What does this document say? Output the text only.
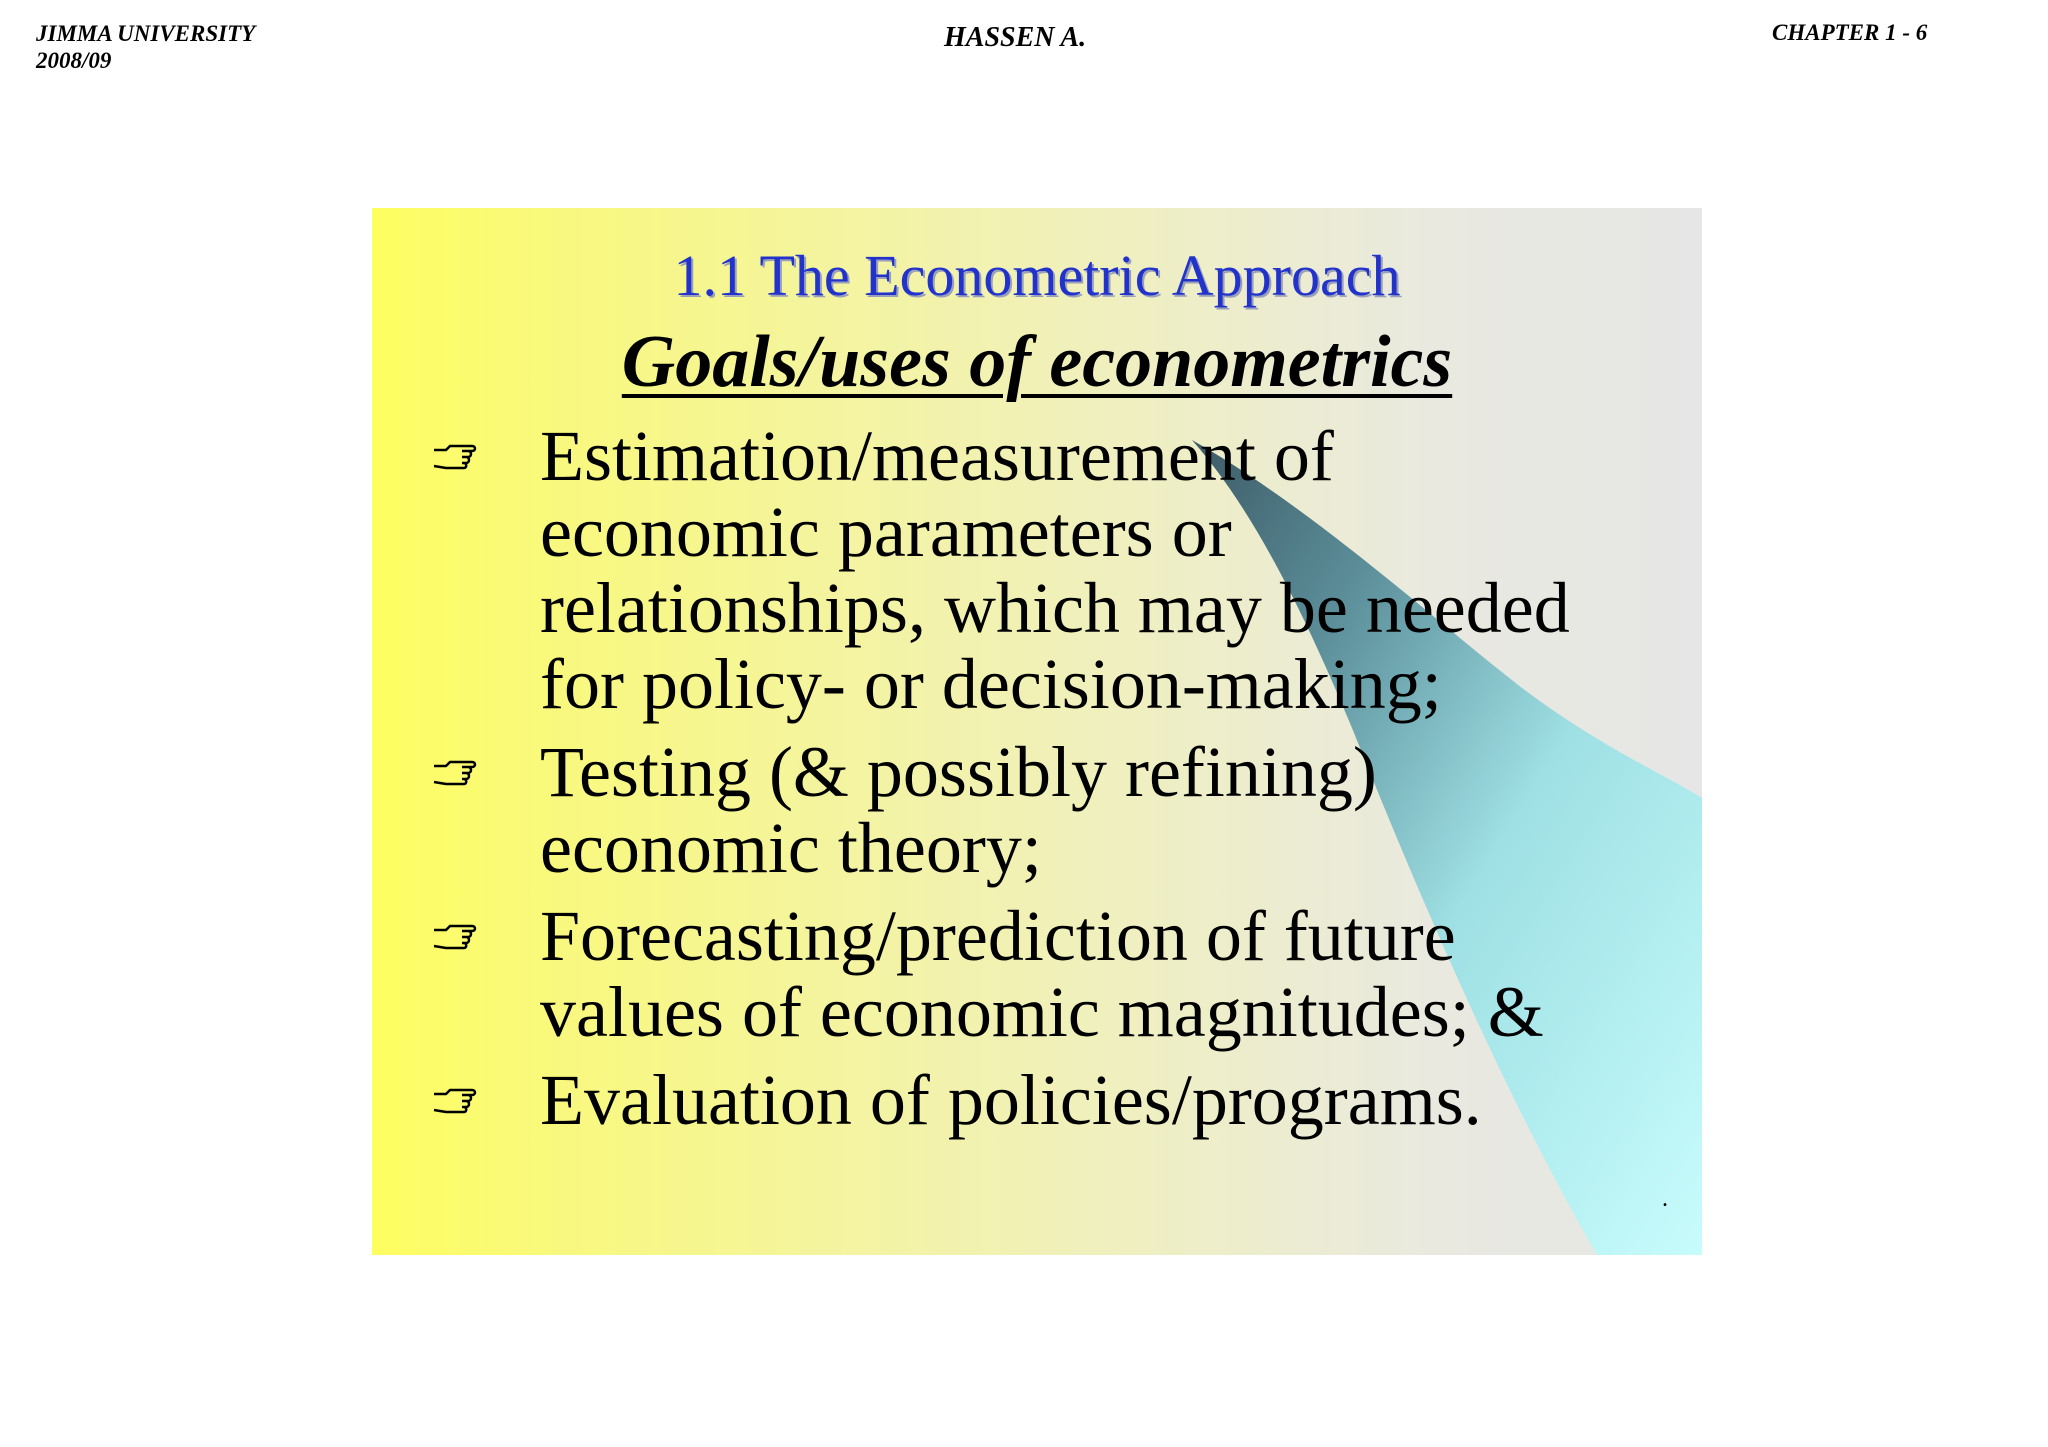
JIMMA UNIVERSITY
2008/09
HASSEN A.	CHAPTER 1 - 6
1.1 The Econometric Approach
Goals/uses of econometrics
Estimation/measurement of
economic parameters or
relationships, which may be needed
for policy- or decision-making;
Testing (& possibly refining)
economic theory;
Forecasting/prediction of future
values of economic magnitudes; &
Evaluation of policies/programs.
.
